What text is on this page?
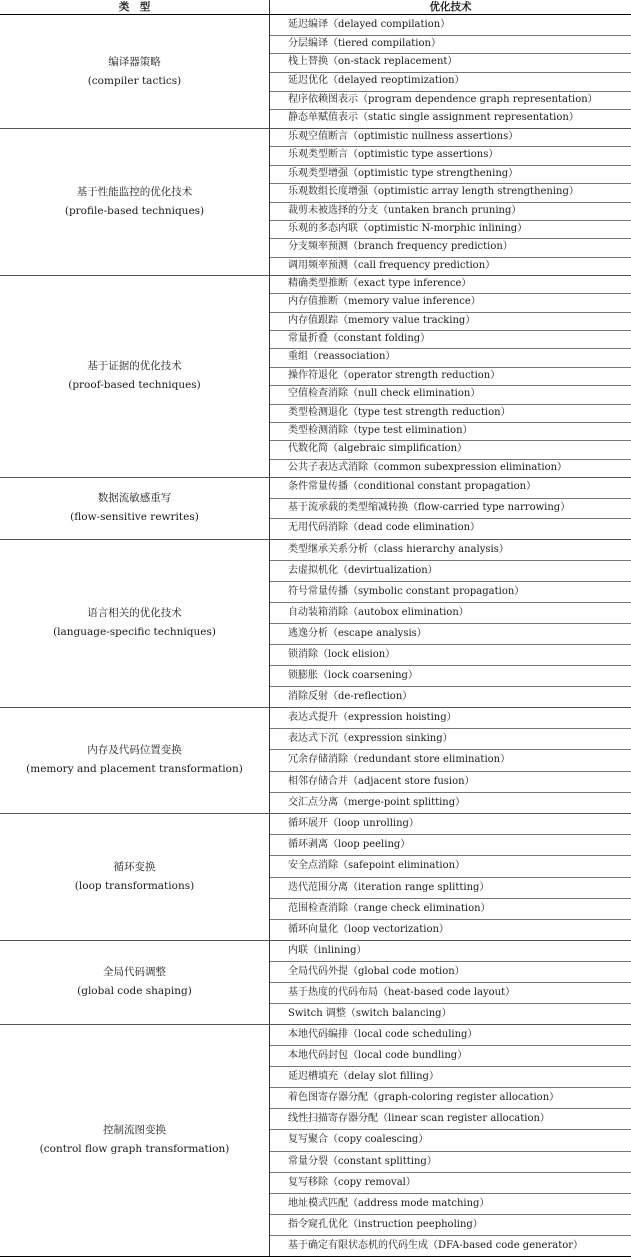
类　型	优化技术
编译器策略
(compiler tactics)
延迟编译（delayed compilation）
分层编译（tiered compilation）
栈上替换（on-stack replacement）
延迟优化（delayed reoptimization）
程序依赖图表示（program dependence graph representation）
静态单赋值表示（static single assignment representation）
基于性能监控的优化技术
(profile-based techniques)
乐观空值断言（optimistic nullness assertions）
乐观类型断言（optimistic type assertions）
乐观类型增强（optimistic type strengthening）
乐观数组长度增强（optimistic array length strengthening）
裁剪未被选择的分支（untaken branch pruning）
乐观的多态内联（optimistic N-morphic inlining）
分支频率预测（branch frequency prediction）
调用频率预测（call frequency prediction）
基于证据的优化技术
(proof-based techniques)
精确类型推断（exact type inference）
内存值推断（memory value inference）
内存值跟踪（memory value tracking）
常量折叠（constant folding）
重组（reassociation）
操作符退化（operator strength reduction）
空值检查消除（null check elimination）
类型检测退化（type test strength reduction）
类型检测消除（type test elimination）
代数化简（algebraic simplification）
公共子表达式消除（common subexpression elimination）
数据流敏感重写
(flow-sensitive rewrites)
条件常量传播（conditional constant propagation）
基于流承载的类型缩减转换（flow-carried type narrowing）
无用代码消除（dead code elimination）
语言相关的优化技术
(language-specific techniques)
类型继承关系分析（class hierarchy analysis）
去虚拟机化（devirtualization）
符号常量传播（symbolic constant propagation）
自动装箱消除（autobox elimination）
逃逸分析（escape analysis）
锁消除（lock elision）
锁膨胀（lock coarsening）
消除反射（de-reflection）
内存及代码位置变换
(memory and placement transformation)
表达式提升（expression hoisting）
表达式下沉（expression sinking）
冗余存储消除（redundant store elimination）
相邻存储合并（adjacent store fusion）
交汇点分离（merge-point splitting）
循环变换
(loop transformations)
循环展开（loop unrolling）
循环剥离（loop peeling）
安全点消除（safepoint elimination）
迭代范围分离（iteration range splitting）
范围检查消除（range check elimination）
循环向量化（loop vectorization）
全局代码调整
(global code shaping)
内联（inlining）
全局代码外提（global code motion）
基于热度的代码布局（heat-based code layout）
Switch 调整（switch balancing）
控制流图变换
(control flow graph transformation)
本地代码编排（local code scheduling）
本地代码封包（local code bundling）
延迟槽填充（delay slot filling）
着色图寄存器分配（graph-coloring register allocation）
线性扫描寄存器分配（linear scan register allocation）
复写聚合（copy coalescing）
常量分裂（constant splitting）
复写移除（copy removal）
地址模式匹配（address mode matching）
指令窥孔优化（instruction peepholing）
基于确定有限状态机的代码生成（DFA-based code generator）
